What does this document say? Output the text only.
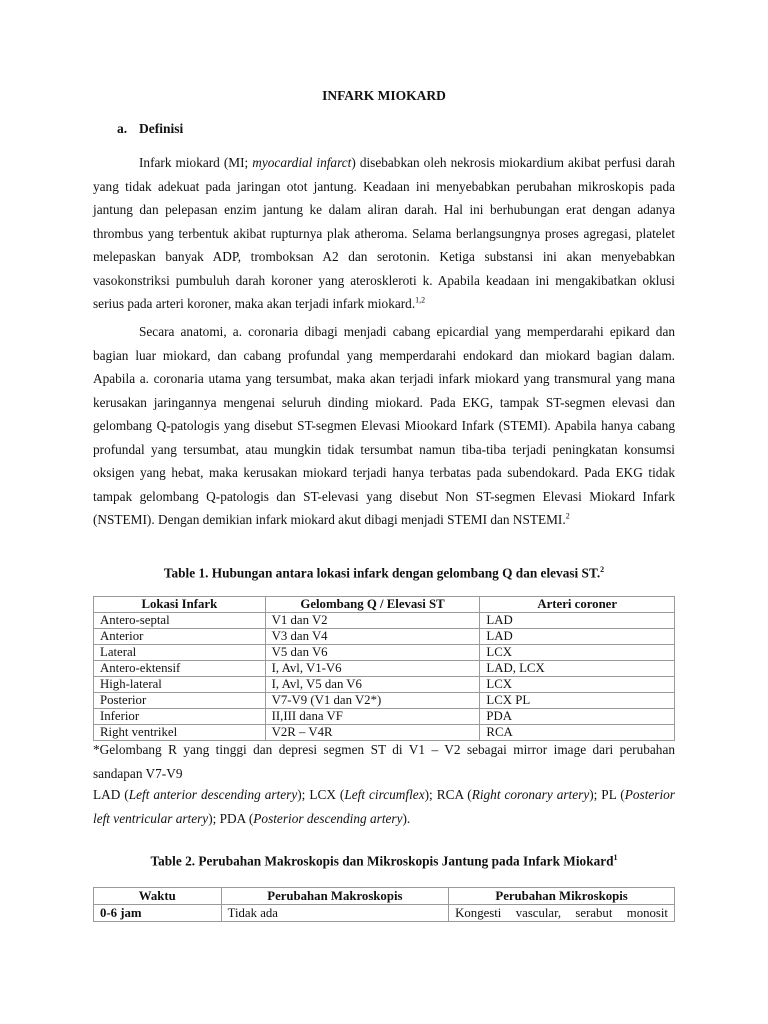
INFARK MIOKARD
a. Definisi
Infark miokard (MI; myocardial infarct) disebabkan oleh nekrosis miokardium akibat perfusi darah yang tidak adekuat pada jaringan otot jantung. Keadaan ini menyebabkan perubahan mikroskopis pada jantung dan pelepasan enzim jantung ke dalam aliran darah. Hal ini berhubungan erat dengan adanya thrombus yang terbentuk akibat rupturnya plak atheroma. Selama berlangsungnya proses agregasi, platelet melepaskan banyak ADP, tromboksan A2 dan serotonin. Ketiga substansi ini akan menyebabkan vasokonstriksi pumbuluh darah koroner yang ateroskleroti k. Apabila keadaan ini mengakibatkan oklusi serius pada arteri koroner, maka akan terjadi infark miokard.$^{1,2}$
Secara anatomi, a. coronaria dibagi menjadi cabang epicardial yang memperdarahi epikard dan bagian luar miokard, dan cabang profundal yang memperdarahi endokard dan miokard bagian dalam. Apabila a. coronaria utama yang tersumbat, maka akan terjadi infark miokard yang transmural yang mana kerusakan jaringannya mengenai seluruh dinding miokard. Pada EKG, tampak ST-segmen elevasi dan gelombang Q-patologis yang disebut ST-segmen Elevasi Miookard Infark (STEMI). Apabila hanya cabang profundal yang tersumbat, atau mungkin tidak tersumbat namun tiba-tiba terjadi peningkatan konsumsi oksigen yang hebat, maka kerusakan miokard terjadi hanya terbatas pada subendokard. Pada EKG tidak tampak gelombang Q-patologis dan ST-elevasi yang disebut Non ST-segmen Elevasi Miokard Infark (NSTEMI). Dengan demikian infark miokard akut dibagi menjadi STEMI dan NSTEMI.$^2$
Table 1. Hubungan antara lokasi infark dengan gelombang Q dan elevasi ST.$^2$
Lokasi Infark	Gelombang Q / Elevasi ST	Arteri coroner
Antero-septal	V1 dan V2	LAD
Anterior	V3 dan V4	LAD
Lateral	V5 dan V6	LCX
Antero-ektensif	I, Avl, V1-V6	LAD, LCX
High-lateral	I, Avl, V5 dan V6	LCX
Posterior	V7-V9 (V1 dan V2*)	LCX PL
Inferior	II,III dana VF	PDA
Right ventrikel	V2R – V4R	RCA
*Gelombang R yang tinggi dan depresi segmen ST di V1 – V2 sebagai mirror image dari perubahan sandapan V7-V9
LAD (Left anterior descending artery); LCX (Left circumflex); RCA (Right coronary artery); PL (Posterior left ventricular artery); PDA (Posterior descending artery).
Table 2. Perubahan Makroskopis dan Mikroskopis Jantung pada Infark Miokard$^1$
Waktu	Perubahan Makroskopis	Perubahan Mikroskopis
0-6 jam	Tidak ada	Kongesti vascular, serabut monosit
